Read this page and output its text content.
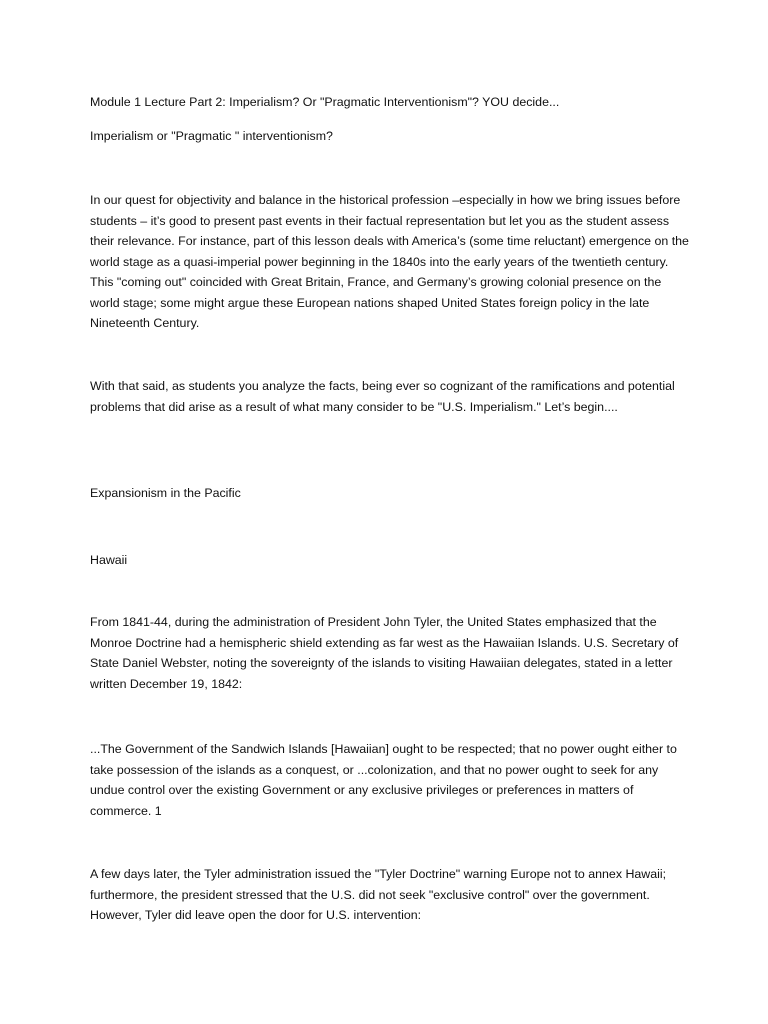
Module 1 Lecture Part 2: Imperialism? Or "Pragmatic Interventionism"? YOU decide...

Imperialism or "Pragmatic " interventionism?

In our quest for objectivity and balance in the historical profession –especially in how we bring issues before students – it’s good to present past events in their factual representation but let you as the student assess their relevance. For instance, part of this lesson deals with America’s (some time reluctant) emergence on the world stage as a quasi-imperial power beginning in the 1840s into the early years of the twentieth century. This "coming out" coincided with Great Britain, France, and Germany’s growing colonial presence on the world stage; some might argue these European nations shaped United States foreign policy in the late Nineteenth Century.

With that said, as students you analyze the facts, being ever so cognizant of the ramifications and potential problems that did arise as a result of what many consider to be "U.S. Imperialism." Let’s begin....

Expansionism in the Pacific

Hawaii

From 1841-44, during the administration of President John Tyler, the United States emphasized that the Monroe Doctrine had a hemispheric shield extending as far west as the Hawaiian Islands. U.S. Secretary of State Daniel Webster, noting the sovereignty of the islands to visiting Hawaiian delegates, stated in a letter written December 19, 1842:

...The Government of the Sandwich Islands [Hawaiian] ought to be respected; that no power ought either to take possession of the islands as a conquest, or ...colonization, and that no power ought to seek for any undue control over the existing Government or any exclusive privileges or preferences in matters of commerce. 1

A few days later, the Tyler administration issued the "Tyler Doctrine" warning Europe not to annex Hawaii; furthermore, the president stressed that the U.S. did not seek "exclusive control" over the government. However, Tyler did leave open the door for U.S. intervention:
